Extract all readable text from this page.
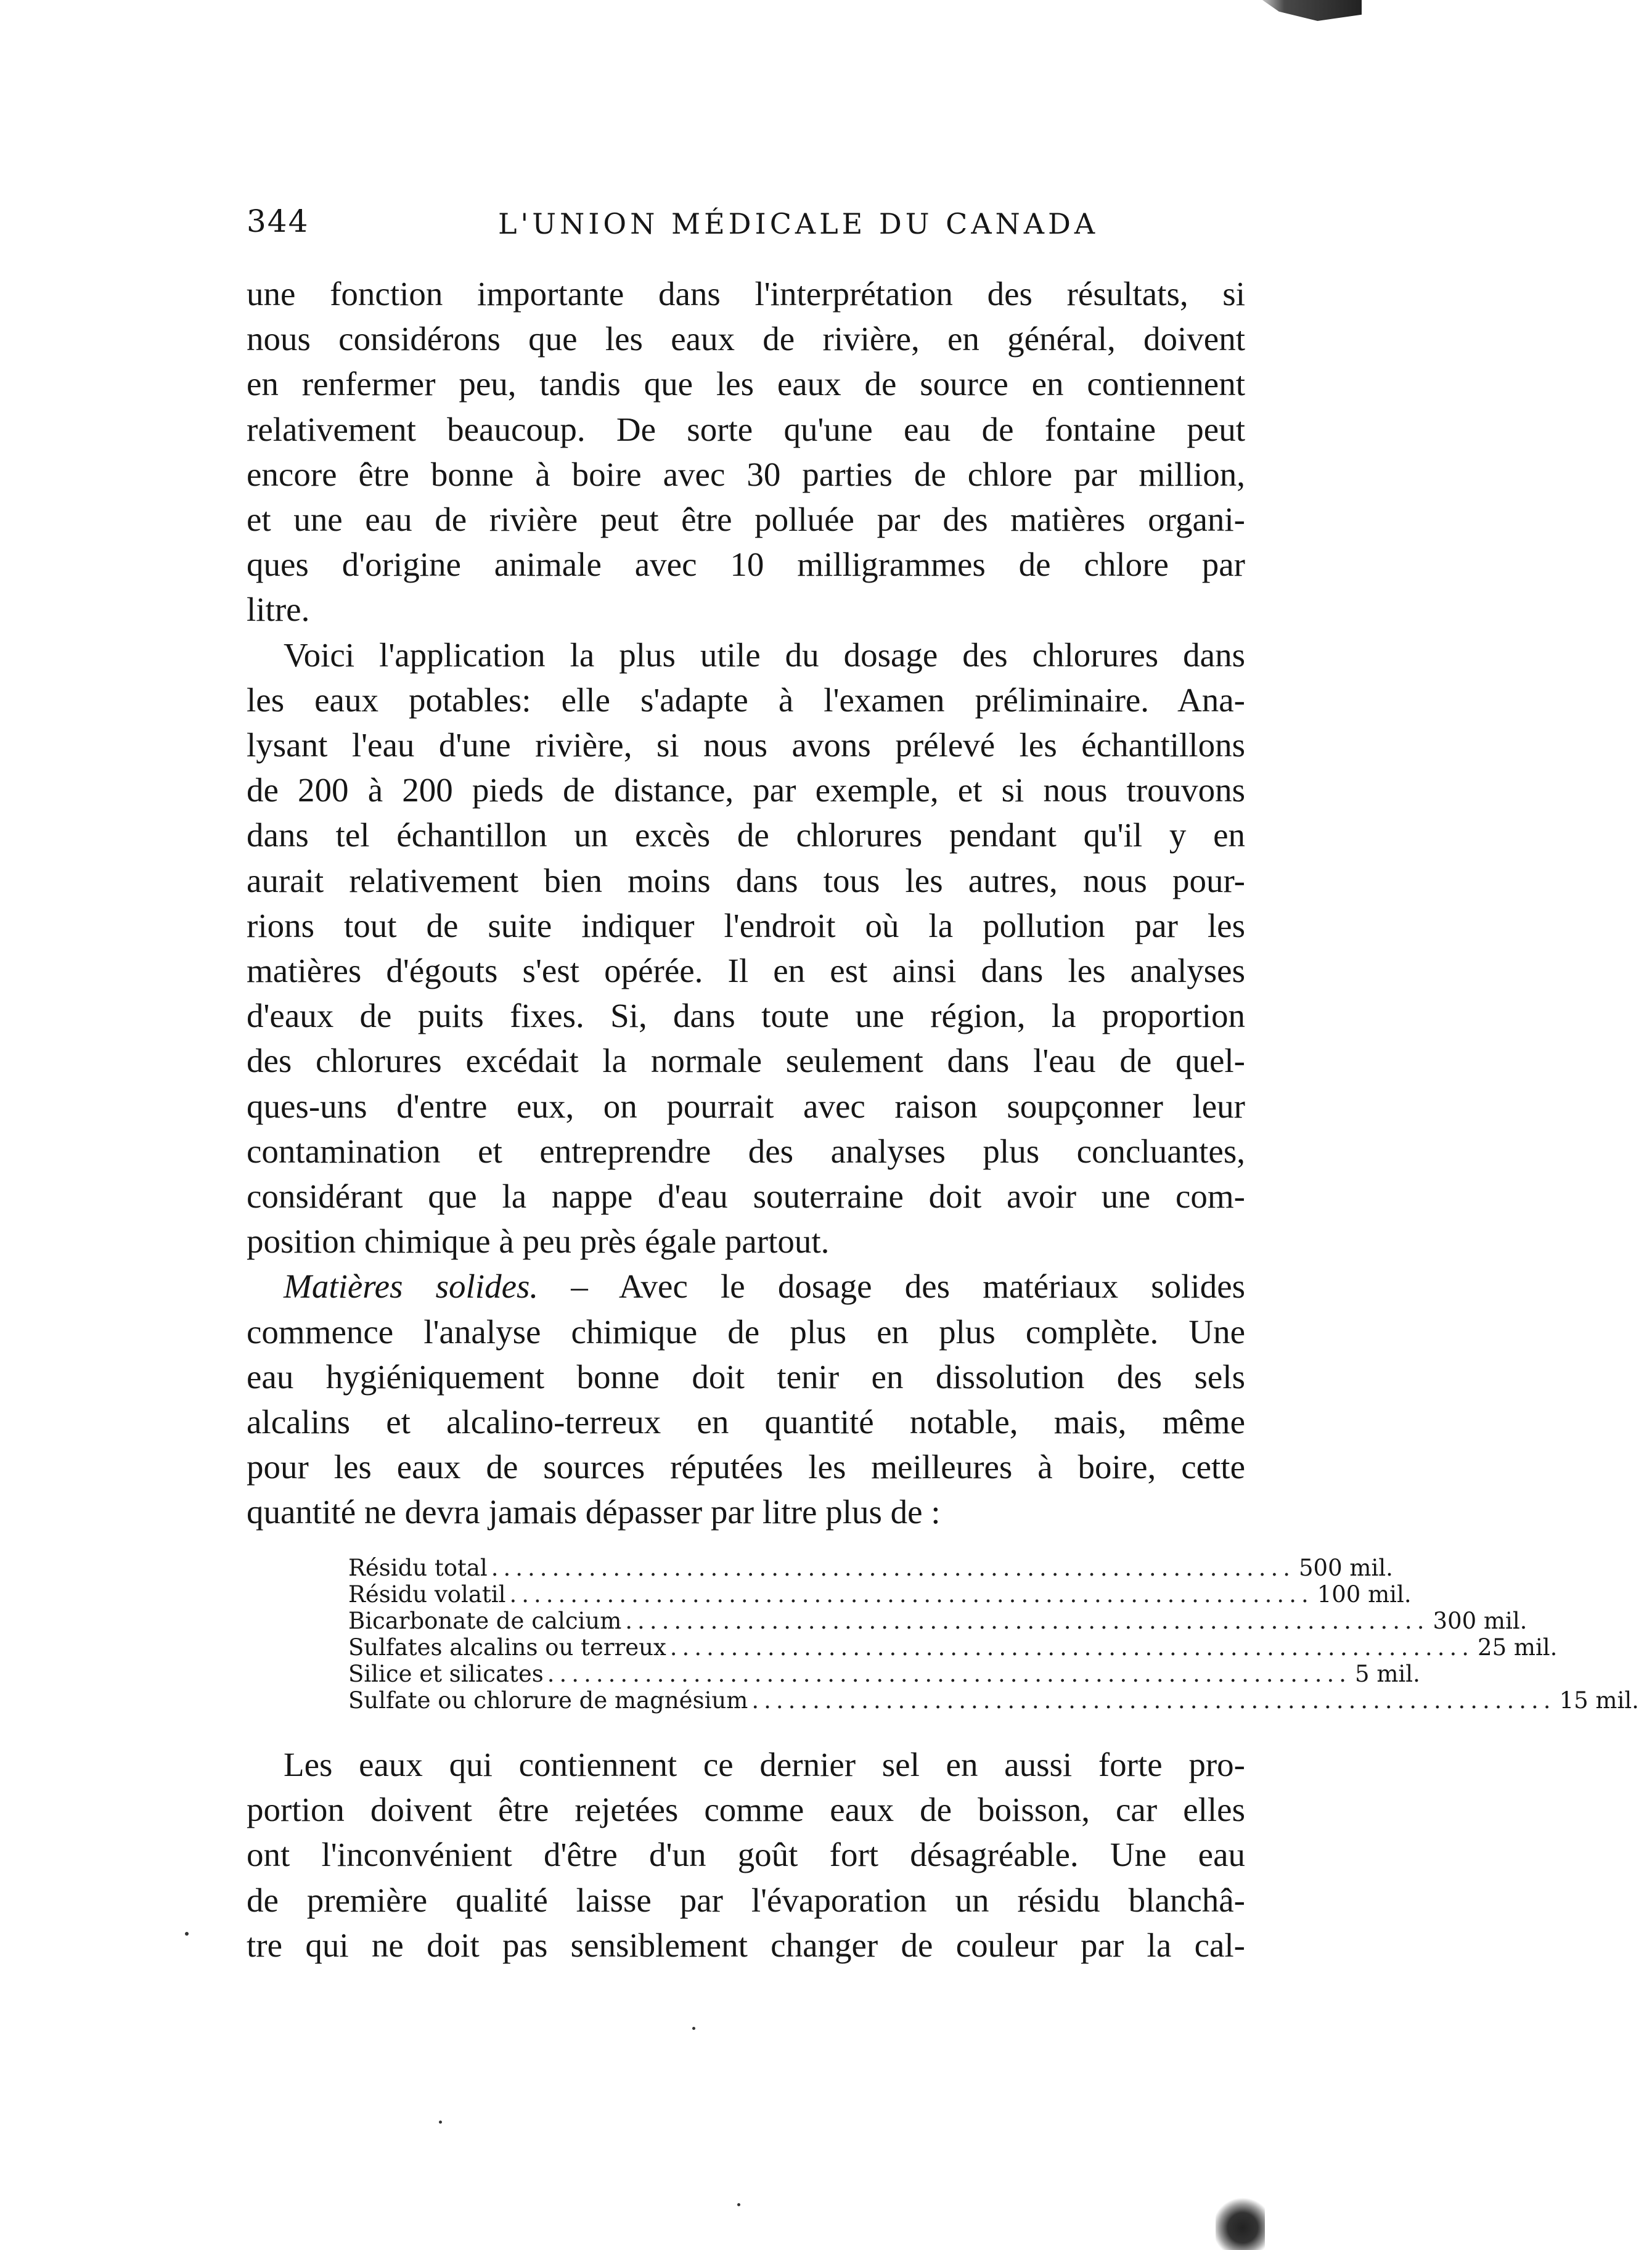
344	L'UNION MÉDICALE DU CANADA

une fonction importante dans l'interprétation des résultats, si
nous considérons que les eaux de rivière, en général, doivent
en renfermer peu, tandis que les eaux de source en contiennent
relativement beaucoup. De sorte qu'une eau de fontaine peut
encore être bonne à boire avec 30 parties de chlore par million,
et une eau de rivière peut être polluée par des matières organi-
ques d'origine animale avec 10 milligrammes de chlore par
litre.

Voici l'application la plus utile du dosage des chlorures dans
les eaux potables: elle s'adapte à l'examen préliminaire. Ana-
lysant l'eau d'une rivière, si nous avons prélevé les échantillons
de 200 à 200 pieds de distance, par exemple, et si nous trouvons
dans tel échantillon un excès de chlorures pendant qu'il y en
aurait relativement bien moins dans tous les autres, nous pour-
rions tout de suite indiquer l'endroit où la pollution par les
matières d'égouts s'est opérée. Il en est ainsi dans les analyses
d'eaux de puits fixes. Si, dans toute une région, la proportion
des chlorures excédait la normale seulement dans l'eau de quel-
ques-uns d'entre eux, on pourrait avec raison soupçonner leur
contamination et entreprendre des analyses plus concluantes,
considérant que la nappe d'eau souterraine doit avoir une com-
position chimique à peu près égale partout.

Matières solides. – Avec le dosage des matériaux solides
commence l'analyse chimique de plus en plus complète. Une
eau hygiéniquement bonne doit tenir en dissolution des sels
alcalins et alcalino-terreux en quantité notable, mais, même
pour les eaux de sources réputées les meilleures à boire, cette
quantité ne devra jamais dépasser par litre plus de :

Résidu total .................................................................. 500 mil.
Résidu volatil .................................................................. 100 mil.
Bicarbonate de calcium .................................................................. 300 mil.
Sulfates alcalins ou terreux .................................................................. 25 mil.
Silice et silicates .................................................................. 5 mil.
Sulfate ou chlorure de magnésium .................................................................. 15 mil.

Les eaux qui contiennent ce dernier sel en aussi forte pro-
portion doivent être rejetées comme eaux de boisson, car elles
ont l'inconvénient d'être d'un goût fort désagréable. Une eau
de première qualité laisse par l'évaporation un résidu blanchâ-
tre qui ne doit pas sensiblement changer de couleur par la cal-
